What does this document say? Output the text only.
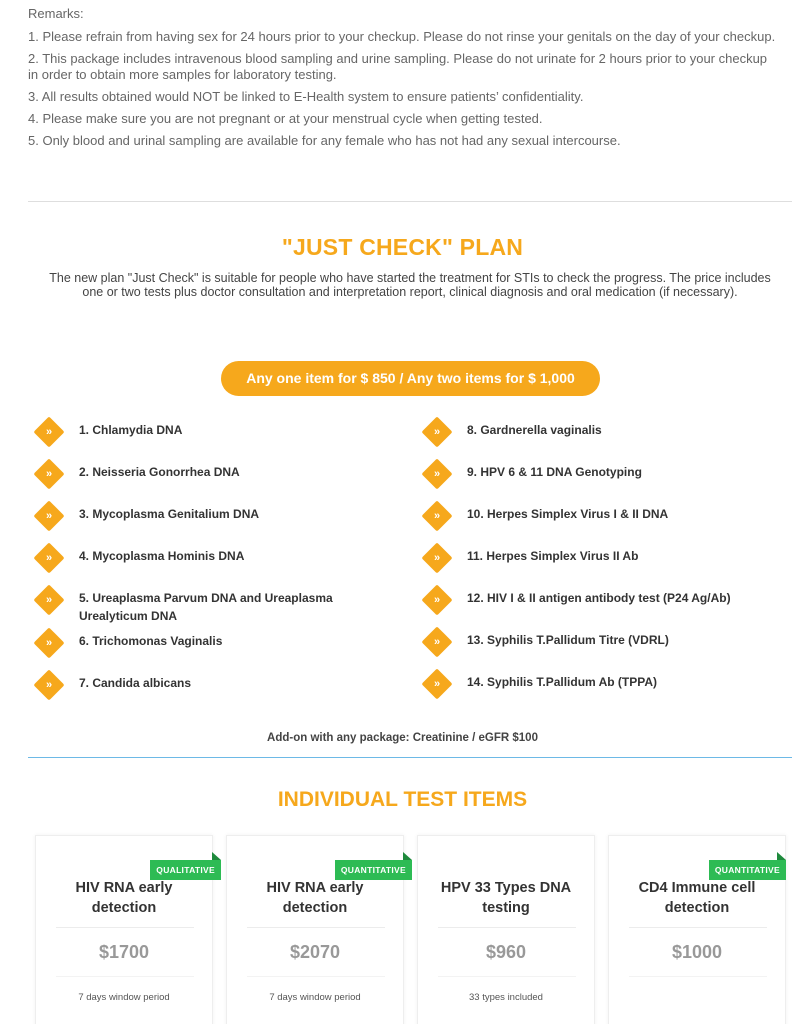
Remarks:
1. Please refrain from having sex for 24 hours prior to your checkup. Please do not rinse your genitals on the day of your checkup.
2. This package includes intravenous blood sampling and urine sampling. Please do not urinate for 2 hours prior to your checkup in order to obtain more samples for laboratory testing.
3. All results obtained would NOT be linked to E-Health system to ensure patients’ confidentiality.
4. Please make sure you are not pregnant or at your menstrual cycle when getting tested.
5. Only blood and urinal sampling are available for any female who has not had any sexual intercourse.
"JUST CHECK" PLAN
The new plan "Just Check" is suitable for people who have started the treatment for STIs to check the progress. The price includes one or two tests plus doctor consultation and interpretation report, clinical diagnosis and oral medication (if necessary).
Any one item for $ 850 / Any two items for $ 1,000
»	1. Chlamydia DNA
»	2. Neisseria Gonorrhea DNA
»	3. Mycoplasma Genitalium DNA
»	4. Mycoplasma Hominis DNA
»	5. Ureaplasma Parvum DNA and Ureaplasma Urealyticum DNA
»	6. Trichomonas Vaginalis
»	7. Candida albicans
»	8. Gardnerella vaginalis
»	9. HPV 6 & 11 DNA Genotyping
»	10. Herpes Simplex Virus I & II DNA
»	11. Herpes Simplex Virus II Ab
»	12. HIV I & II antigen antibody test (P24 Ag/Ab)
»	13. Syphilis T.Pallidum Titre (VDRL)
»	14. Syphilis T.Pallidum Ab (TPPA)
Add-on with any package: Creatinine / eGFR $100
INDIVIDUAL TEST ITEMS
QUALITATIVE
HIV RNA early
detection
$1700
7 days window period
QUANTITATIVE
HIV RNA early
detection
$2070
7 days window period
HPV 33 Types DNA
testing
$960
33 types included
QUANTITATIVE
CD4 Immune cell
detection
$1000
